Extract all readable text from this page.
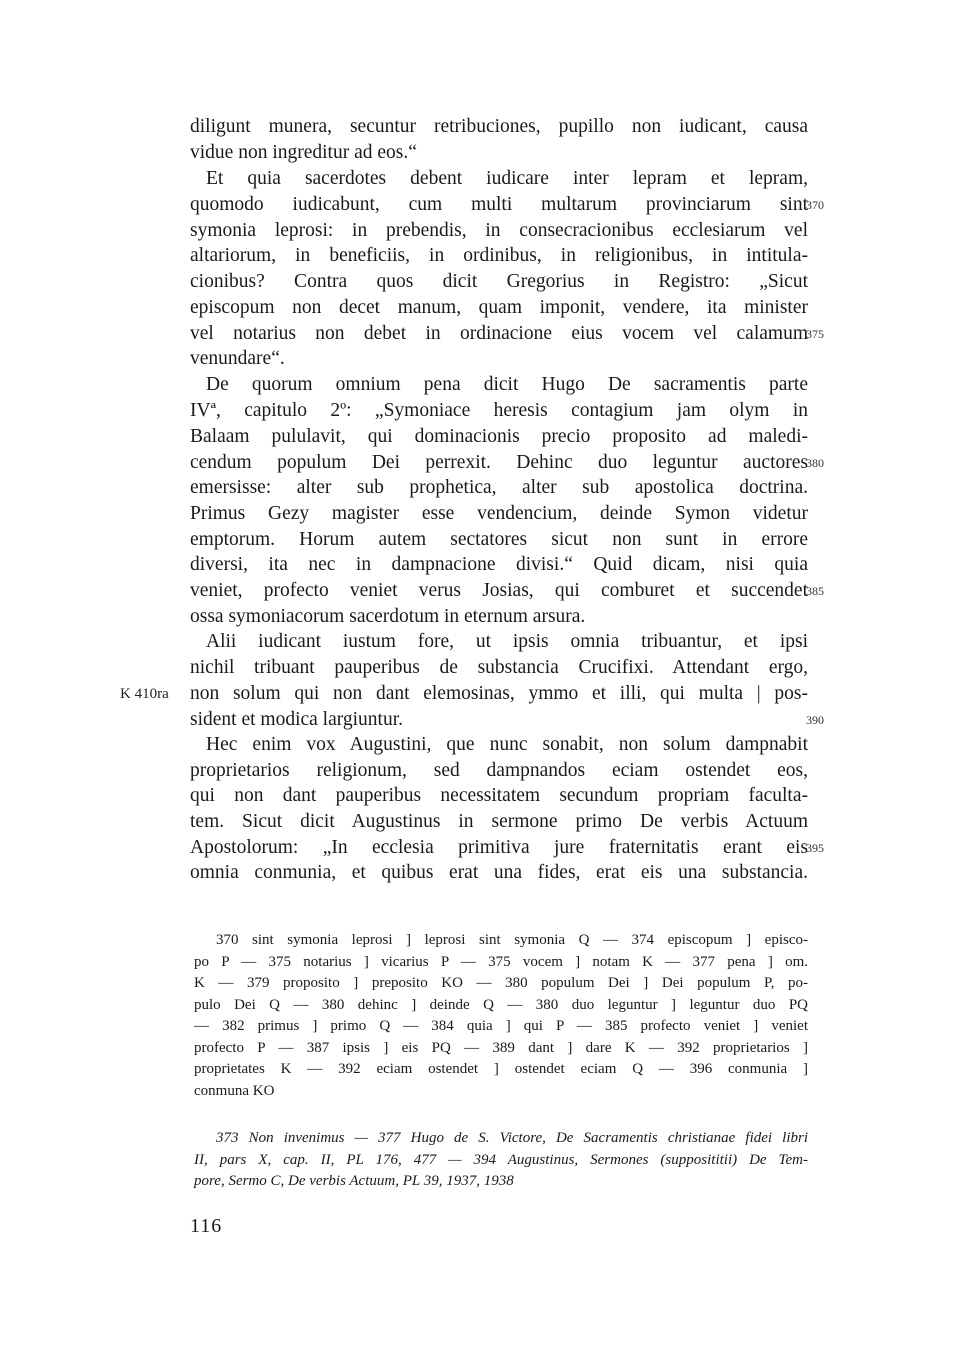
diligunt munera, secuntur retribuciones, pupillo non iudicant, causa
vidue non ingreditur ad eos.“
Et quia sacerdotes debent iudicare inter lepram et lepram,
quomodo iudicabunt, cum multi multarum provinciarum sint
symonia leprosi: in prebendis, in consecracionibus ecclesiarum vel
altariorum, in beneficiis, in ordinibus, in religionibus, in intitula-
cionibus? Contra quos dicit Gregorius in Registro: „Sicut
episcopum non decet manum, quam imponit, vendere, ita minister
vel notarius non debet in ordinacione eius vocem vel calamum
venundare“.
De quorum omnium pena dicit Hugo De sacramentis parte
IVª, capitulo 2º: „Symoniace heresis contagium jam olym in
Balaam pululavit, qui dominacionis precio proposito ad maledi-
cendum populum Dei perrexit. Dehinc duo leguntur auctores
emersisse: alter sub prophetica, alter sub apostolica doctrina.
Primus Gezy magister esse vendencium, deinde Symon videtur
emptorum. Horum autem sectatores sicut non sunt in errore
diversi, ita nec in dampnacione divisi.“ Quid dicam, nisi quia
veniet, profecto veniet verus Josias, qui comburet et succendet
ossa symoniacorum sacerdotum in eternum arsura.
Alii iudicant iustum fore, ut ipsis omnia tribuantur, et ipsi
nichil tribuant pauperibus de substancia Crucifixi. Attendant ergo,
non solum qui non dant elemosinas, ymmo et illi, qui multa | pos-
sident et modica largiuntur.
Hec enim vox Augustini, que nunc sonabit, non solum dampnabit
proprietarios religionum, sed dampnandos eciam ostendet eos,
qui non dant pauperibus necessitatem secundum propriam facultа-
tem. Sicut dicit Augustinus in sermone primo De verbis Actuum
Apostolorum: „In ecclesia primitiva jure fraternitatis erant eis
omnia conmunia, et quibus erat una fides, erat eis una substancia.
370
375
380
385
390
395
K 410ra
370 sint symonia leprosi ] leprosi sint symonia Q — 374 episcopum ] episco-
po P — 375 notarius ] vicarius P — 375 vocem ] notam K — 377 pena ] om.
K — 379 proposito ] preposito KO — 380 populum Dei ] Dei populum P, po-
pulo Dei Q — 380 dehinc ] deinde Q — 380 duo leguntur ] leguntur duo PQ
— 382 primus ] primo Q — 384 quia ] qui P — 385 profecto veniet ] veniet
profecto P — 387 ipsis ] eis PQ — 389 dant ] dare K — 392 proprietarios ]
proprietates K — 392 eciam ostendet ] ostendet eciam Q — 396 conmunia ]
conmuna KO
373 Non invenimus — 377 Hugo de S. Victore, De Sacramentis christianae fidei libri
II, pars X, cap. II, PL 176, 477 — 394 Augustinus, Sermones (suppositіtii) De Tem-
pore, Sermo C, De verbis Actuum, PL 39, 1937, 1938
116
